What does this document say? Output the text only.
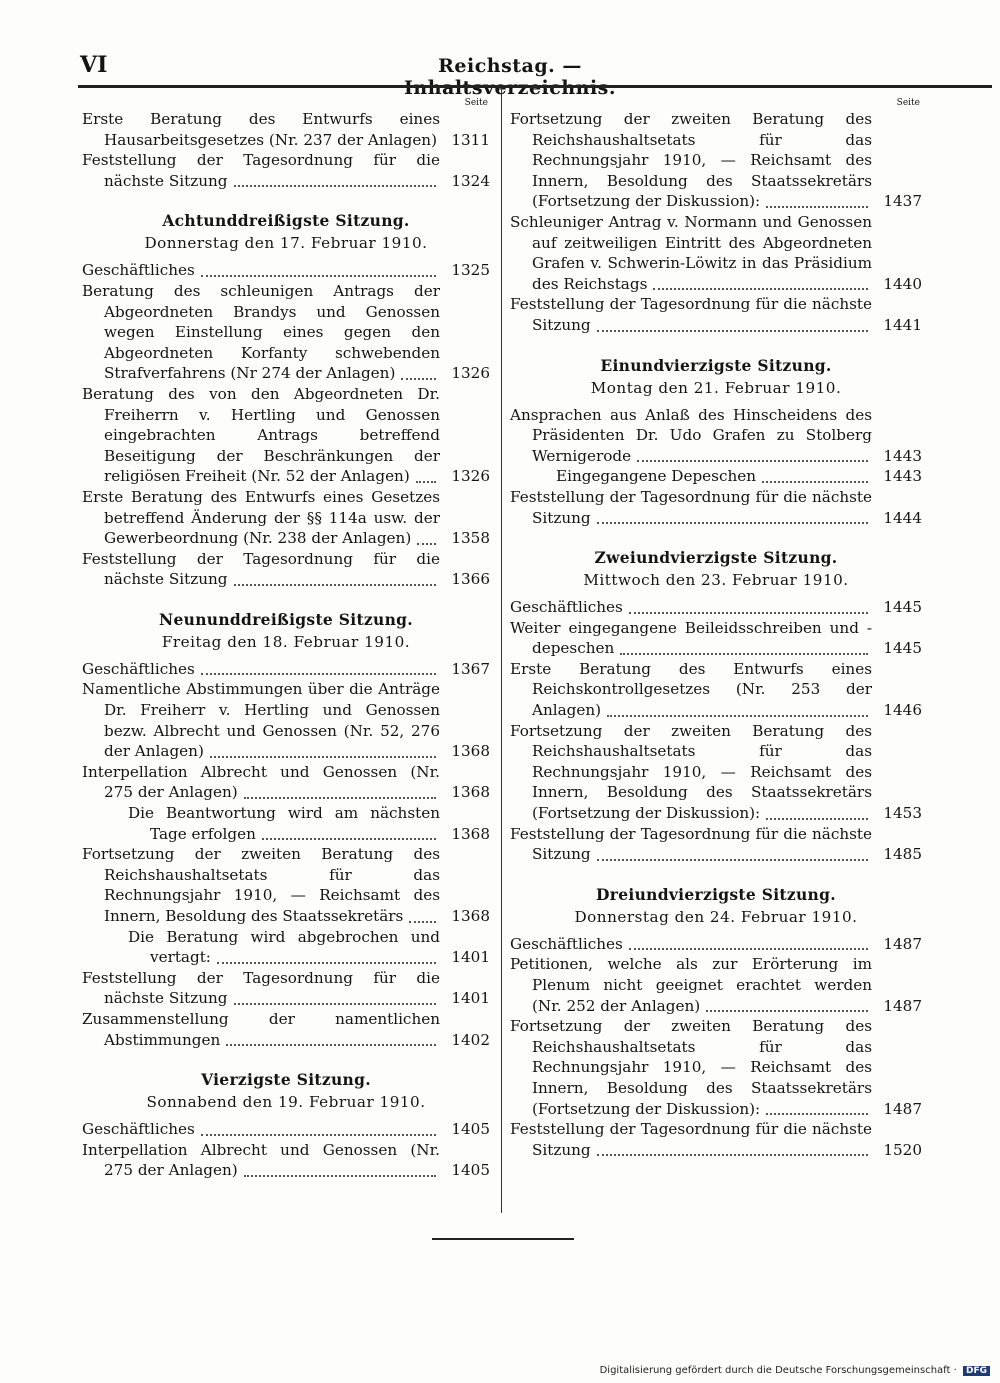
VI	Reichstag. — Inhaltsverzeichnis.
Seite
Erste Beratung des Entwurfs eines Hausarbeitsgesetzes (Nr. 237 der Anlagen) 1311
Feststellung der Tagesordnung für die nächste Sitzung	1324
Achtunddreißigste Sitzung.
Donnerstag den 17. Februar 1910.
Geschäftliches	1325
Beratung des schleunigen Antrags der Abgeordneten Brandys und Genossen wegen Einstellung eines gegen den Abgeordneten Korfanty schwebenden Strafverfahrens (Nr 274 der Anlagen)	1326
Beratung des von den Abgeordneten Dr. Freiherrn v. Hertling und Genossen eingebrachten Antrags betreffend Beseitigung der Beschränkungen der religiösen Freiheit (Nr. 52 der Anlagen)	1326
Erste Beratung des Entwurfs eines Gesetzes betreffend Änderung der §§ 114a usw. der Gewerbeordnung (Nr. 238 der Anlagen)	1358
Feststellung der Tagesordnung für die nächste Sitzung	1366
Neununddreißigste Sitzung.
Freitag den 18. Februar 1910.
Geschäftliches	1367
Namentliche Abstimmungen über die Anträge Dr. Freiherr v. Hertling und Genossen bezw. Albrecht und Genossen (Nr. 52, 276 der Anlagen)	1368
Interpellation Albrecht und Genossen (Nr. 275 der Anlagen)	1368
Die Beantwortung wird am nächsten Tage erfolgen	1368
Fortsetzung der zweiten Beratung des Reichshaushaltsetats für das Rechnungsjahr 1910, — Reichsamt des Innern, Besoldung des Staatssekretärs	1368
Die Beratung wird abgebrochen und vertagt:	1401
Feststellung der Tagesordnung für die nächste Sitzung	1401
Zusammenstellung der namentlichen Abstimmungen	1402
Vierzigste Sitzung.
Sonnabend den 19. Februar 1910.
Geschäftliches	1405
Interpellation Albrecht und Genossen (Nr. 275 der Anlagen)	1405
Seite
Fortsetzung der zweiten Beratung des Reichshaushaltsetats für das Rechnungsjahr 1910, — Reichsamt des Innern, Besoldung des Staatssekretärs (Fortsetzung der Diskussion):	1437
Schleuniger Antrag v. Normann und Genossen auf zeitweiligen Eintritt des Abgeordneten Grafen v. Schwerin-Löwitz in das Präsidium des Reichstags	1440
Feststellung der Tagesordnung für die nächste Sitzung	1441
Einundvierzigste Sitzung.
Montag den 21. Februar 1910.
Ansprachen aus Anlaß des Hinscheidens des Präsidenten Dr. Udo Grafen zu Stolberg Wernigerode	1443
Eingegangene Depeschen	1443
Feststellung der Tagesordnung für die nächste Sitzung	1444
Zweiundvierzigste Sitzung.
Mittwoch den 23. Februar 1910.
Geschäftliches	1445
Weiter eingegangene Beileidsschreiben und -depeschen	1445
Erste Beratung des Entwurfs eines Reichskontrollgesetzes (Nr. 253 der Anlagen)	1446
Fortsetzung der zweiten Beratung des Reichshaushaltsetats für das Rechnungsjahr 1910, — Reichsamt des Innern, Besoldung des Staatssekretärs (Fortsetzung der Diskussion):	1453
Feststellung der Tagesordnung für die nächste Sitzung	1485
Dreiundvierzigste Sitzung.
Donnerstag den 24. Februar 1910.
Geschäftliches	1487
Petitionen, welche als zur Erörterung im Plenum nicht geeignet erachtet werden (Nr. 252 der Anlagen)	1487
Fortsetzung der zweiten Beratung des Reichshaushaltsetats für das Rechnungsjahr 1910, — Reichsamt des Innern, Besoldung des Staatssekretärs (Fortsetzung der Diskussion):	1487
Feststellung der Tagesordnung für die nächste Sitzung	1520
Digitalisierung gefördert durch die Deutsche Forschungsgemeinschaft · DFG
